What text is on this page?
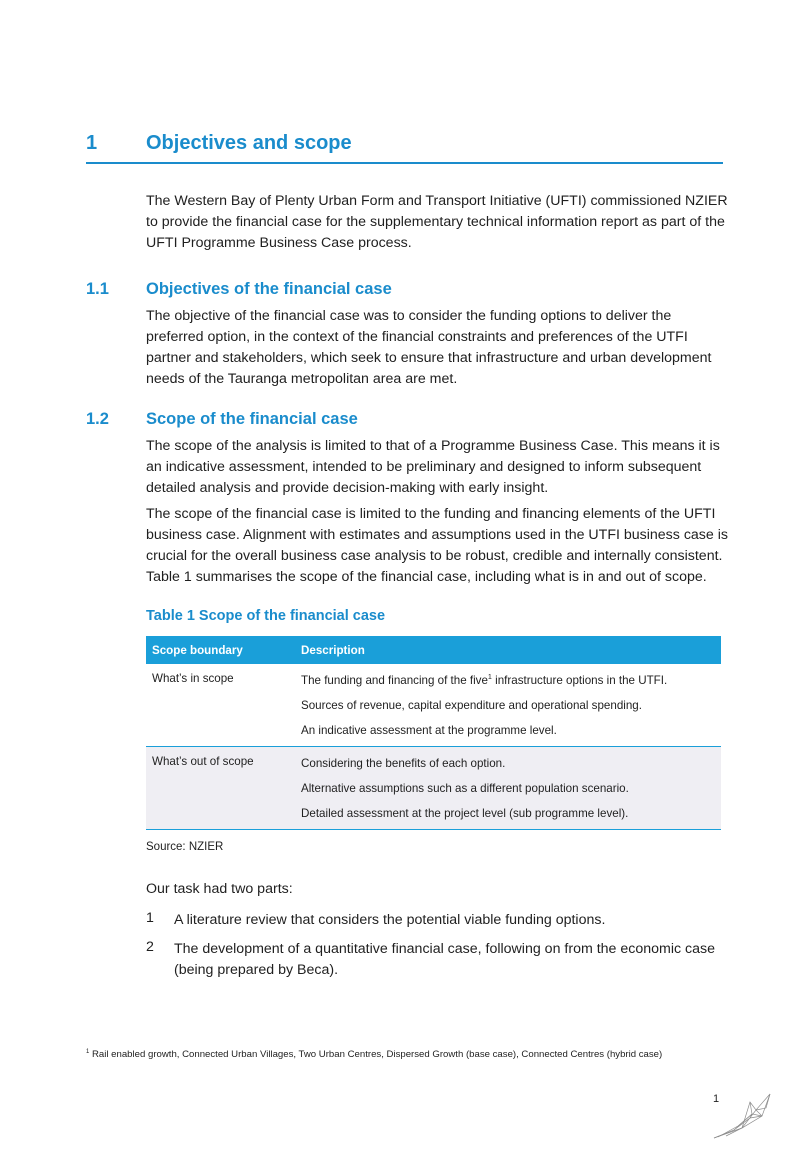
1 Objectives and scope

The Western Bay of Plenty Urban Form and Transport Initiative (UFTI) commissioned NZIER to provide the financial case for the supplementary technical information report as part of the UFTI Programme Business Case process.

1.1 Objectives of the financial case

The objective of the financial case was to consider the funding options to deliver the preferred option, in the context of the financial constraints and preferences of the UTFI partner and stakeholders, which seek to ensure that infrastructure and urban development needs of the Tauranga metropolitan area are met.

1.2 Scope of the financial case

The scope of the analysis is limited to that of a Programme Business Case. This means it is an indicative assessment, intended to be preliminary and designed to inform subsequent detailed analysis and provide decision-making with early insight.

The scope of the financial case is limited to the funding and financing elements of the UFTI business case. Alignment with estimates and assumptions used in the UTFI business case is crucial for the overall business case analysis to be robust, credible and internally consistent. Table 1 summarises the scope of the financial case, including what is in and out of scope.

Table 1 Scope of the financial case
Scope boundary	Description
What’s in scope	The funding and financing of the five$^1$ infrastructure options in the UTFI.
Sources of revenue, capital expenditure and operational spending.
An indicative assessment at the programme level.

What’s out of scope	Considering the benefits of each option.
Alternative assumptions such as a different population scenario.
Detailed assessment at the project level (sub programme level).
Source: NZIER
Our task had two parts:
1 A literature review that considers the potential viable funding options.

2 The development of a quantitative financial case, following on from the economic case (being prepared by Beca).

$^1$ Rail enabled growth, Connected Urban Villages, Two Urban Centres, Dispersed Growth (base case), Connected Centres (hybrid case)
1
